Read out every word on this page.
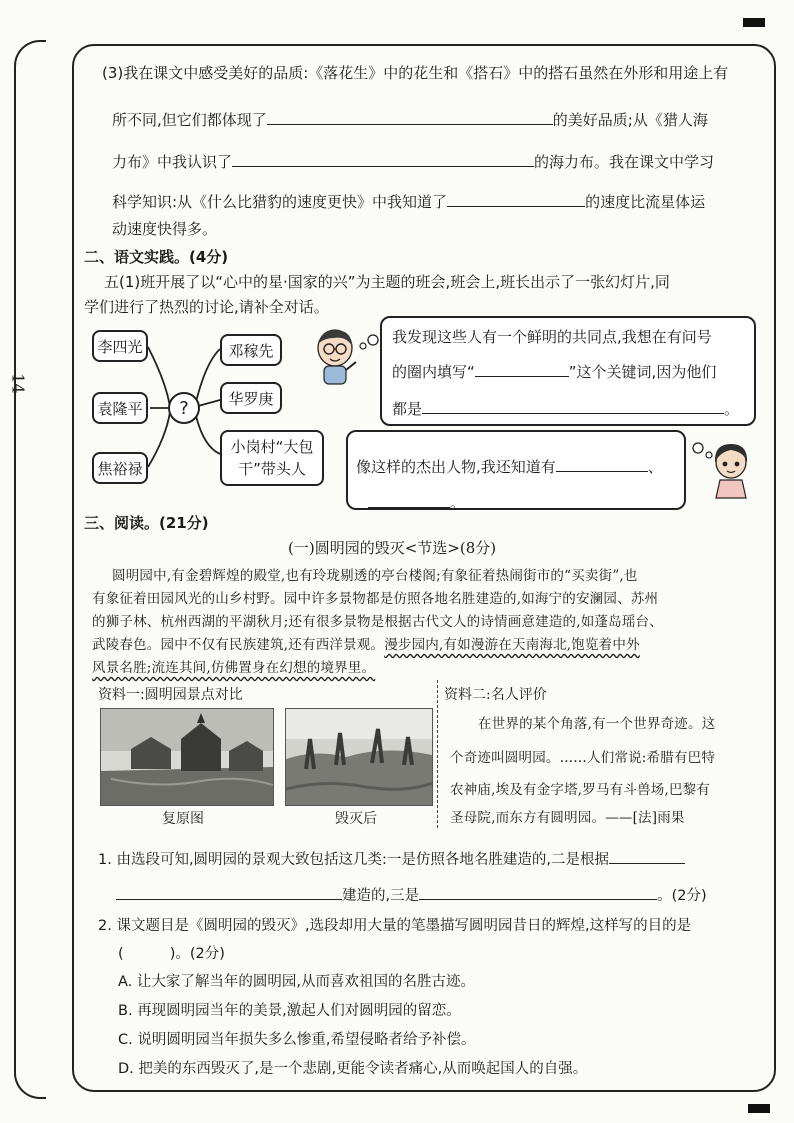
14
(3)我在课文中感受美好的品质:《落花生》中的花生和《搭石》中的搭石虽然在外形和用途上有
所不同,但它们都体现了	的美好品质;从《猎人海
力布》中我认识了	的海力布。我在课文中学习
科学知识:从《什么比猎豹的速度更快》中我知道了	的速度比流星体运
动速度快得多。
二、语文实践。(4分)
五(1)班开展了以“心中的星·国家的兴”为主题的班会,班会上,班长出示了一张幻灯片,同
学们进行了热烈的讨论,请补全对话。
李四光
袁隆平
焦裕禄
?
邓稼先
华罗庚
小岗村“大包
干”带头人
我发现这些人有一个鲜明的共同点,我想在有问号
的圈内填写“	”这个关键词,因为他们
都是	。
像这样的杰出人物,我还知道有	、
。
三、阅读。(21分)
(一)圆明园的毁灭<节选>(8分)
圆明园中,有金碧辉煌的殿堂,也有玲珑剔透的亭台楼阁;有象征着热闹街市的“买卖街”,也
有象征着田园风光的山乡村野。园中许多景物都是仿照各地名胜建造的,如海宁的安澜园、苏州
的狮子林、杭州西湖的平湖秋月;还有很多景物是根据古代文人的诗情画意建造的,如蓬岛瑶台、
武陵春色。园中不仅有民族建筑,还有西洋景观。漫步园内,有如漫游在天南海北,饱览着中外
风景名胜;流连其间,仿佛置身在幻想的境界里。
资料一:圆明园景点对比
复原图	毁灭后
资料二:名人评价
在世界的某个角落,有一个世界奇迹。这
个奇迹叫圆明园。……人们常说:希腊有巴特
农神庙,埃及有金字塔,罗马有斗兽场,巴黎有
圣母院,而东方有圆明园。——[法]雨果
1. 由选段可知,圆明园的景观大致包括这几类:一是仿照各地名胜建造的,二是根据
建造的,三是	。(2分)
2. 课文题目是《圆明园的毁灭》,选段却用大量的笔墨描写圆明园昔日的辉煌,这样写的目的是
(          )。(2分)
A. 让大家了解当年的圆明园,从而喜欢祖国的名胜古迹。
B. 再现圆明园当年的美景,激起人们对圆明园的留恋。
C. 说明圆明园当年损失多么惨重,希望侵略者给予补偿。
D. 把美的东西毁灭了,是一个悲剧,更能令读者痛心,从而唤起国人的自强。
